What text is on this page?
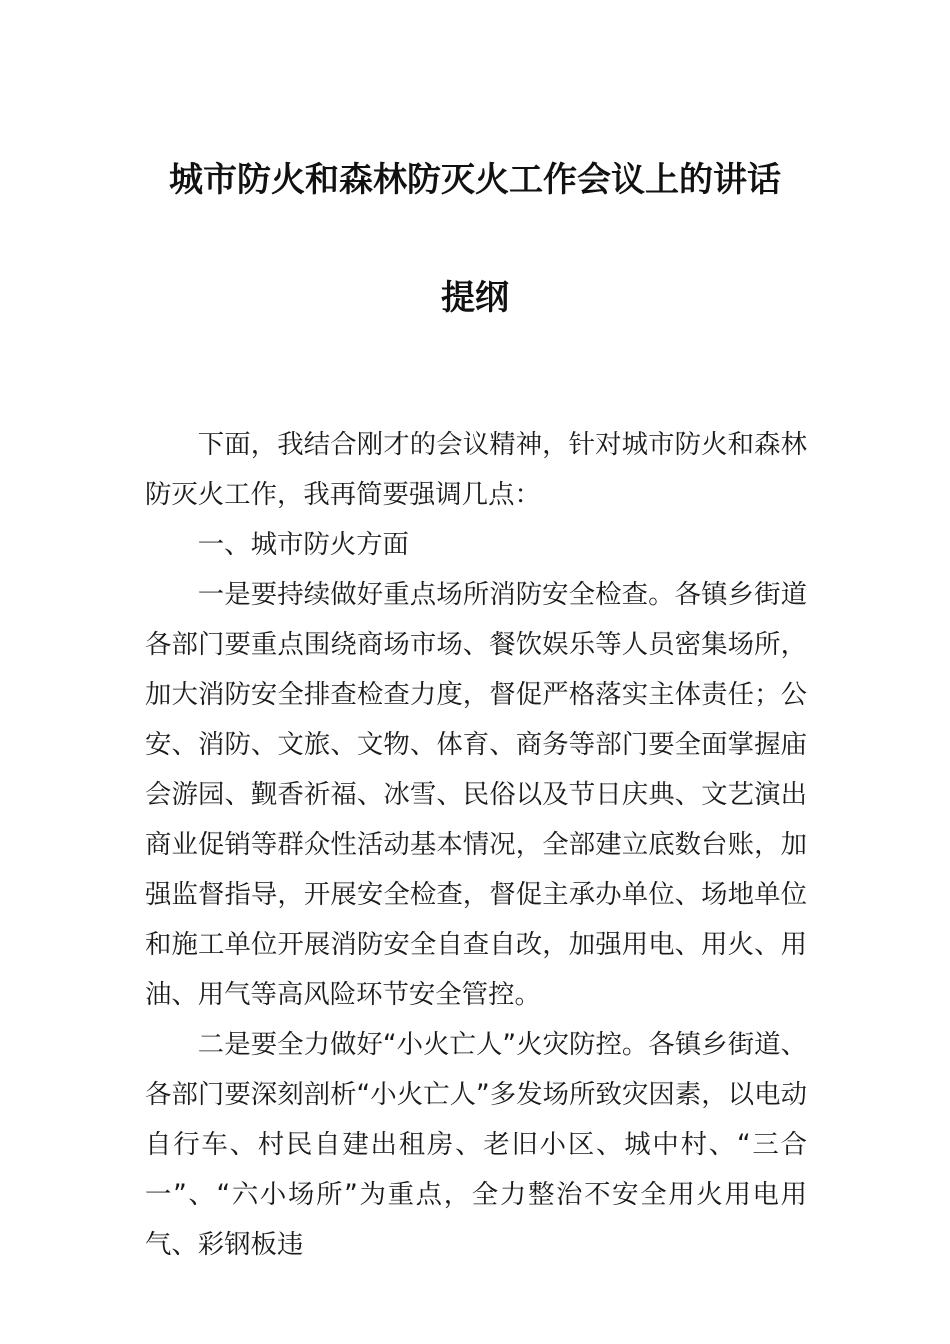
城市防火和森林防灭火工作会议上的讲话
提纲

下面，我结合刚才的会议精神，针对城市防火和森林防灭火工作，我再简要强调几点：

一、城市防火方面

一是要持续做好重点场所消防安全检查。各镇乡街道各部门要重点围绕商场市场、餐饮娱乐等人员密集场所，加大消防安全排查检查力度，督促严格落实主体责任；公安、消防、文旅、文物、体育、商务等部门要全面掌握庙会游园、觐香祈福、冰雪、民俗以及节日庆典、文艺演出商业促销等群众性活动基本情况，全部建立底数台账，加强监督指导，开展安全检查，督促主承办单位、场地单位和施工单位开展消防安全自查自改，加强用电、用火、用油、用气等高风险环节安全管控。

二是要全力做好“小火亡人”火灾防控。各镇乡街道、各部门要深刻剖析“小火亡人”多发场所致灾因素，以电动自行车、村民自建出租房、老旧小区、城中村、“三合一”、“六小场所”为重点，全力整治不安全用火用电用气、彩钢板违
